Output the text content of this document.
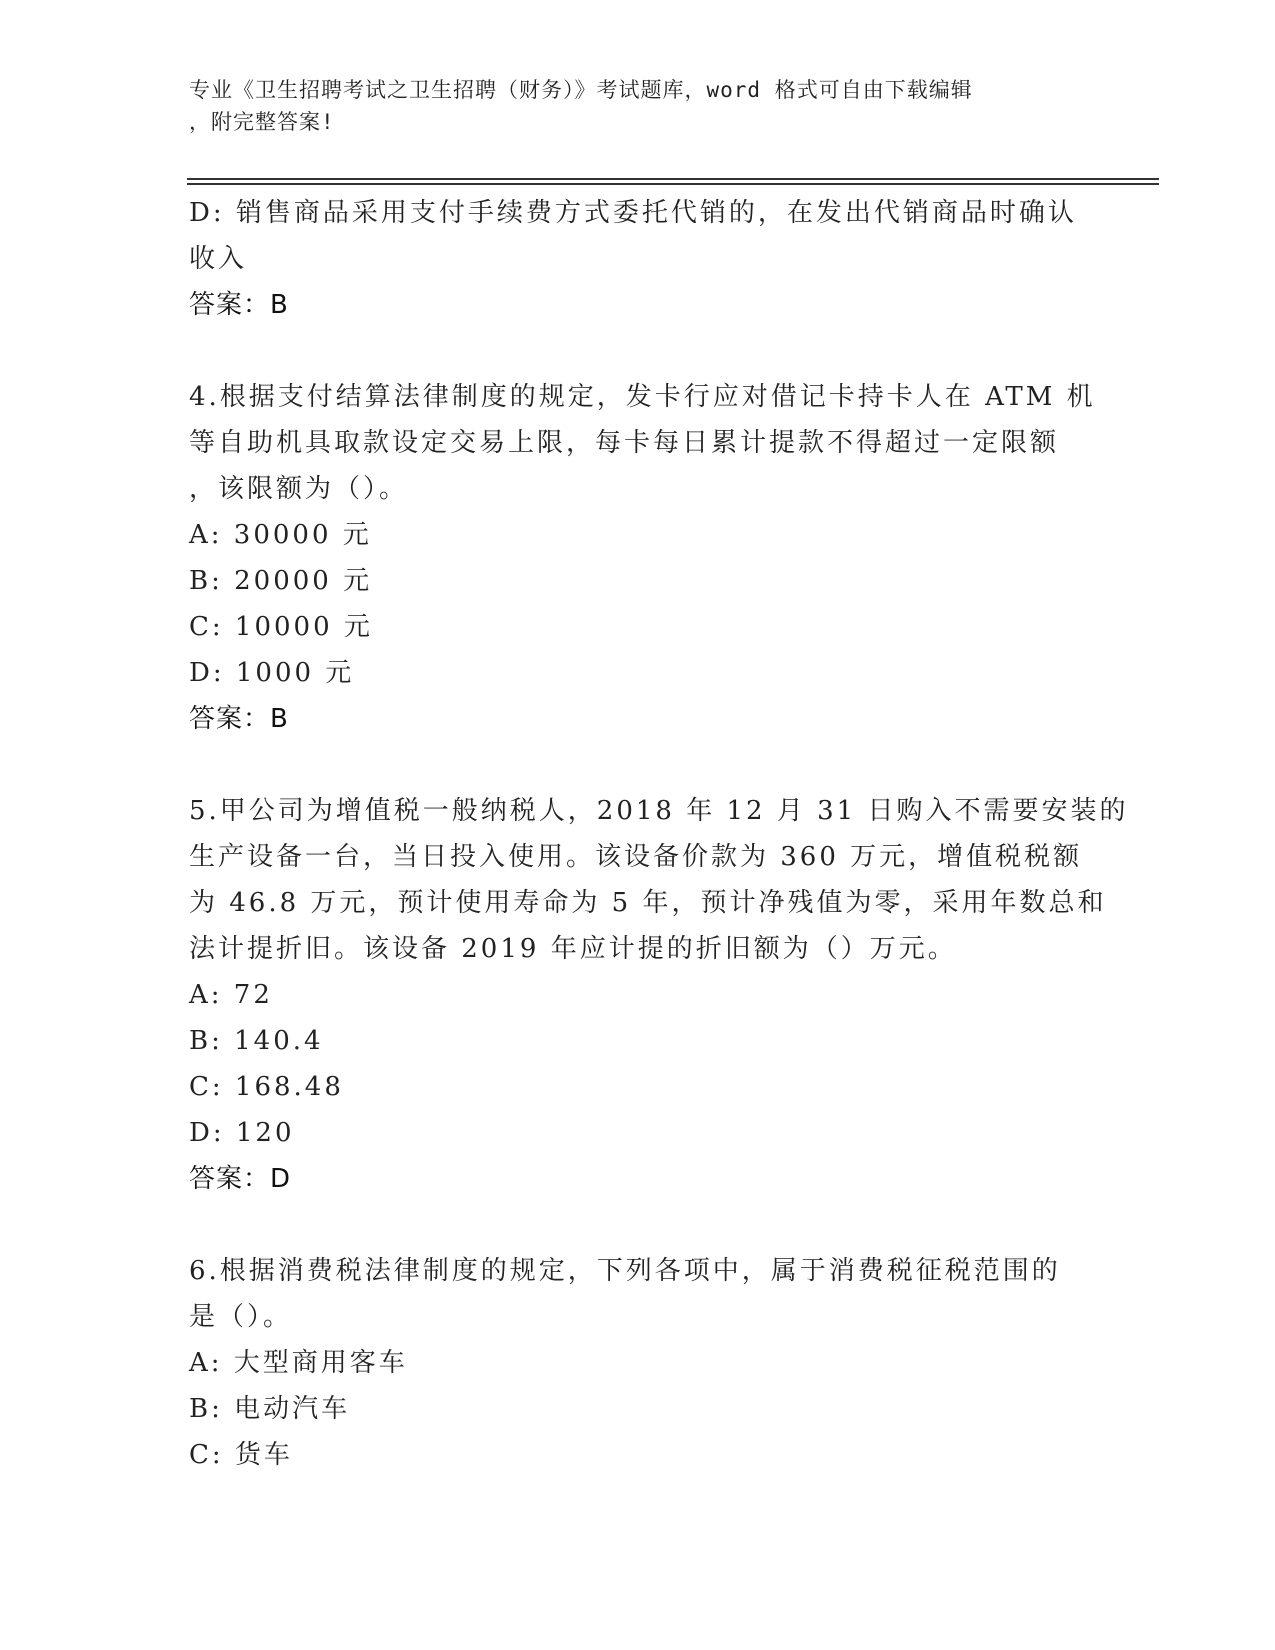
专业《卫生招聘考试之卫生招聘（财务）》考试题库，word 格式可自由下载编辑
，附完整答案!
D: 销售商品采用支付手续费方式委托代销的，在发出代销商品时确认
收入
答案：B
4.根据支付结算法律制度的规定，发卡行应对借记卡持卡人在 ATM 机
等自助机具取款设定交易上限，每卡每日累计提款不得超过一定限额
，该限额为（）。
A: 30000 元
B: 20000 元
C: 10000 元
D: 1000 元
答案：B
5.甲公司为增值税一般纳税人，2018 年 12 月 31 日购入不需要安装的
生产设备一台，当日投入使用。该设备价款为 360 万元，增值税税额
为 46.8 万元，预计使用寿命为 5 年，预计净残值为零，采用年数总和
法计提折旧。该设备 2019 年应计提的折旧额为（）万元。
A: 72
B: 140.4
C: 168.48
D: 120
答案：D
6.根据消费税法律制度的规定，下列各项中，属于消费税征税范围的
是（）。
A: 大型商用客车
B: 电动汽车
C: 货车
